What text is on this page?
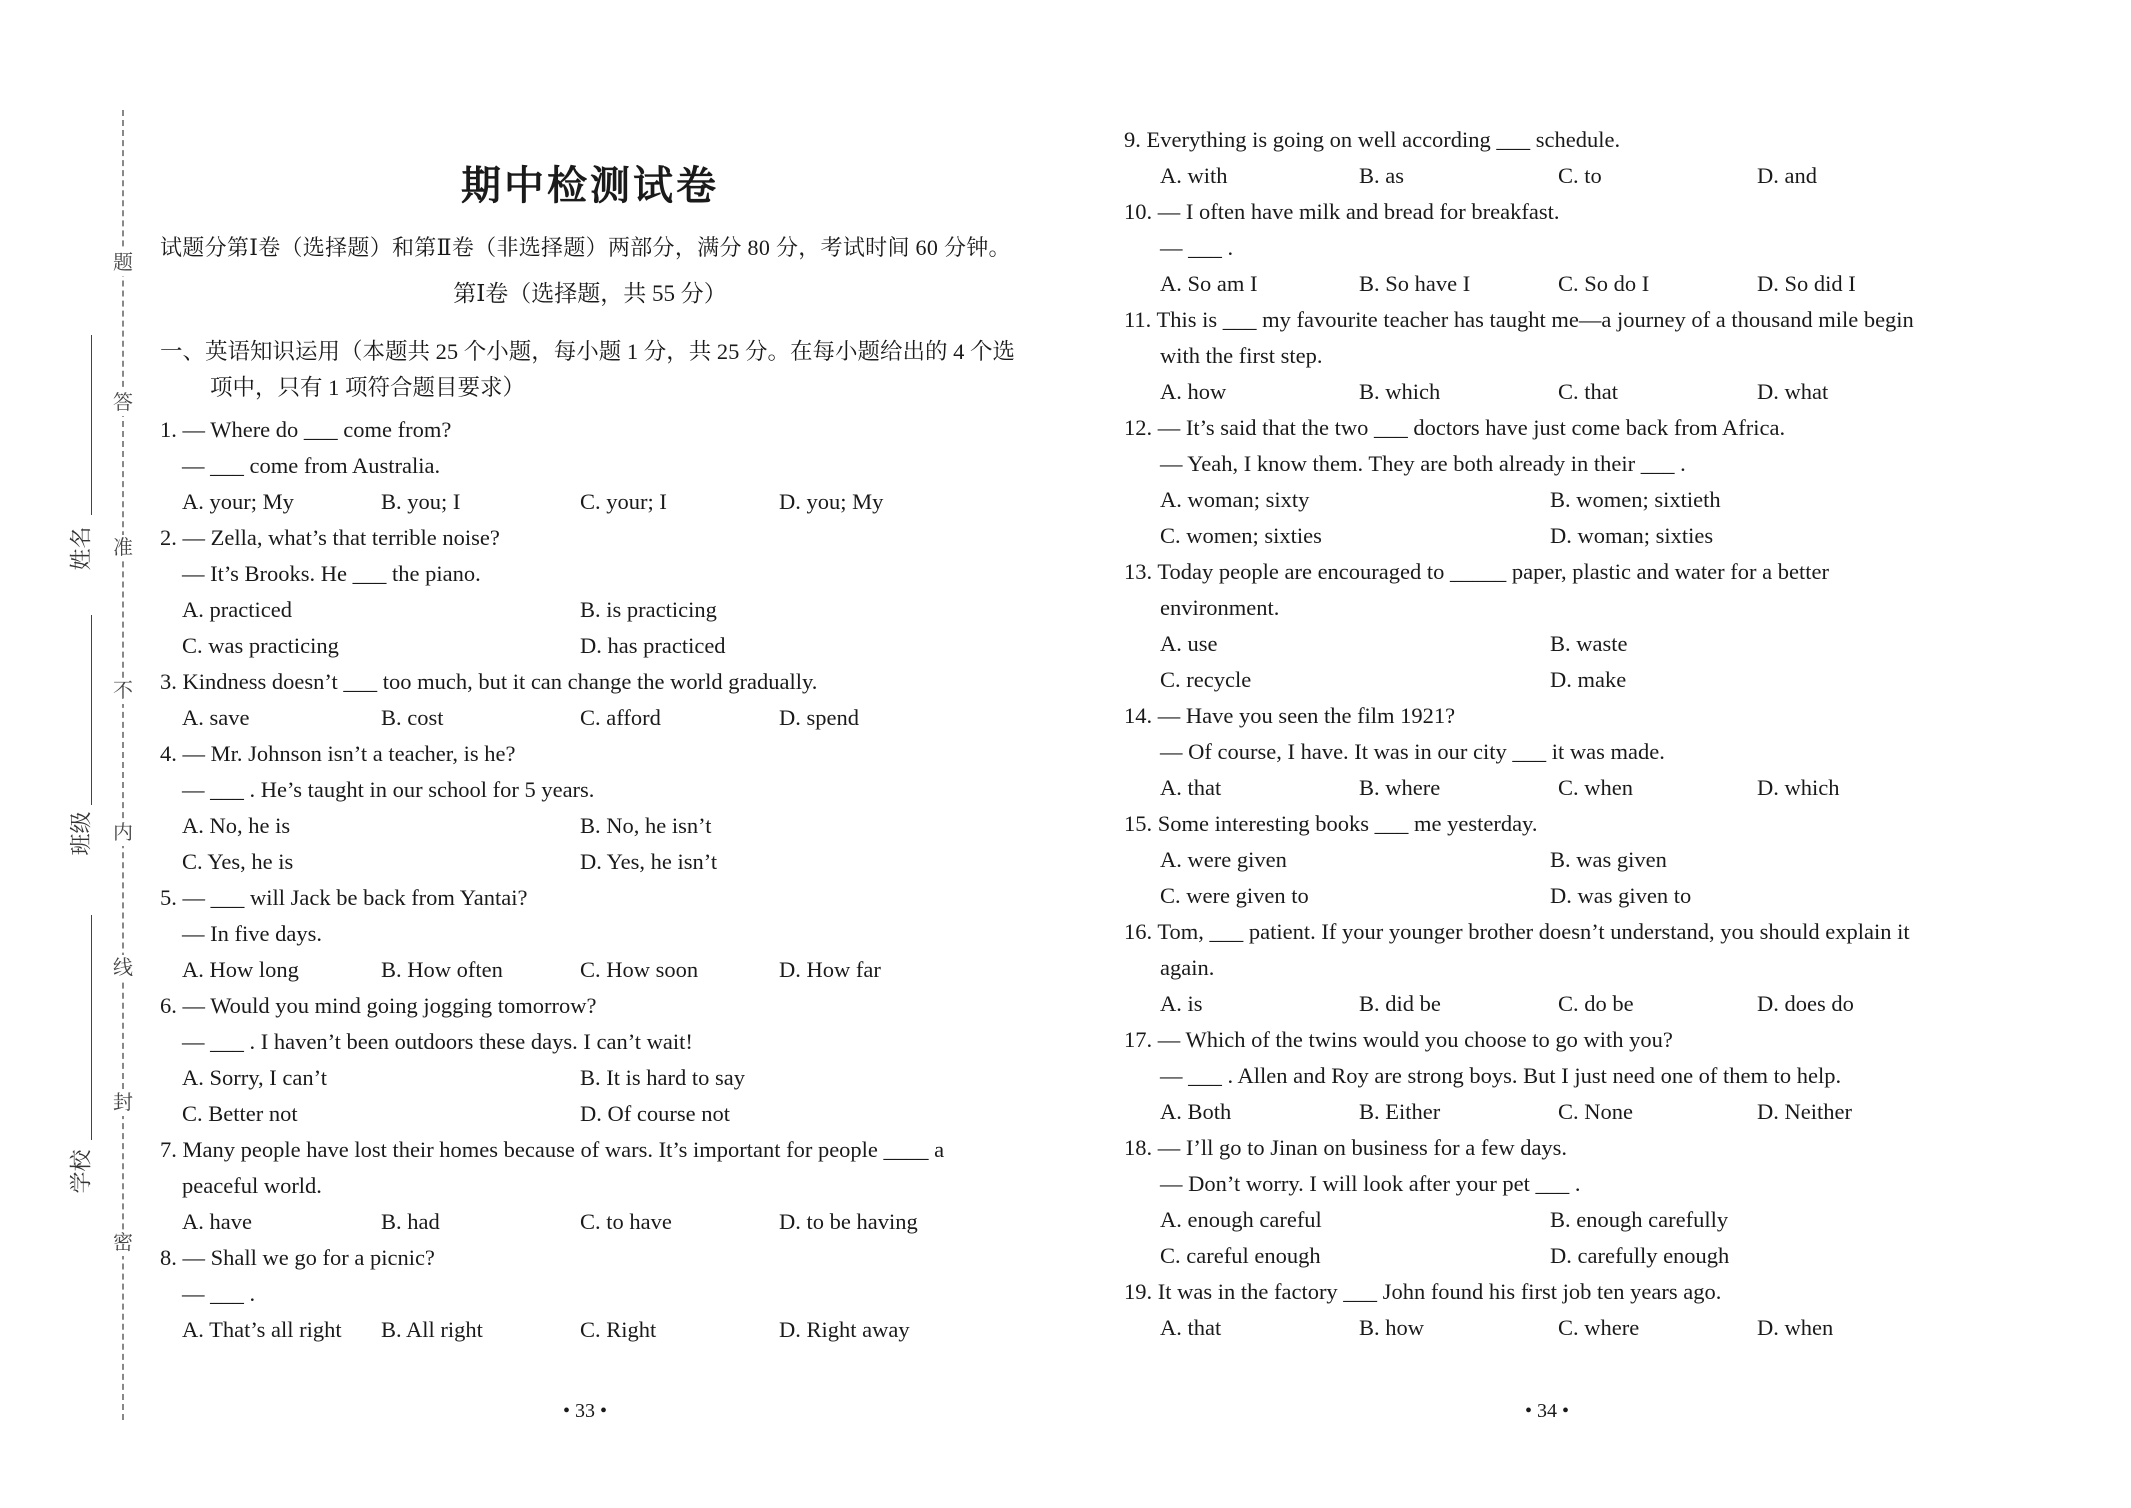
题
答
准
不
内
线
封
密
姓名
班级
学校
期中检测试卷
试题分第Ⅰ卷（选择题）和第Ⅱ卷（非选择题）两部分，满分 80 分，考试时间 60 分钟。
第Ⅰ卷（选择题，共 55 分）
一、英语知识运用（本题共 25 个小题，每小题 1 分，共 25 分。在每小题给出的 4 个选项中，只有 1 项符合题目要求）
1. — Where do ___ come from?
— ___ come from Australia.
A. your; My	B. you; I	C. your; I	D. you; My
2. — Zella, what’s that terrible noise?
— It’s Brooks. He ___ the piano.
A. practiced	B. is practicing
C. was practicing	D. has practiced
3. Kindness doesn’t ___ too much, but it can change the world gradually.
A. save	B. cost	C. afford	D. spend
4. — Mr. Johnson isn’t a teacher, is he?
— ___ . He’s taught in our school for 5 years.
A. No, he is	B. No, he isn’t
C. Yes, he is	D. Yes, he isn’t
5. — ___ will Jack be back from Yantai?
— In five days.
A. How long	B. How often	C. How soon	D. How far
6. — Would you mind going jogging tomorrow?
— ___ . I haven’t been outdoors these days. I can’t wait!
A. Sorry, I can’t	B. It is hard to say
C. Better not	D. Of course not
7. Many people have lost their homes because of wars. It’s important for people ____ a
peaceful world.
A. have	B. had	C. to have	D. to be having
8. — Shall we go for a picnic?
— ___ .
A. That’s all right	B. All right	C. Right	D. Right away
• 33 •
9. Everything is going on well according ___ schedule.
A. with	B. as	C. to	D. and
10. — I often have milk and bread for breakfast.
— ___ .
A. So am I	B. So have I	C. So do I	D. So did I
11. This is ___ my favourite teacher has taught me—a journey of a thousand mile begin
with the first step.
A. how	B. which	C. that	D. what
12. — It’s said that the two ___ doctors have just come back from Africa.
— Yeah, I know them. They are both already in their ___ .
A. woman; sixty	B. women; sixtieth
C. women; sixties	D. woman; sixties
13. Today people are encouraged to _____ paper, plastic and water for a better
environment.
A. use	B. waste
C. recycle	D. make
14. — Have you seen the film 1921?
— Of course, I have. It was in our city ___ it was made.
A. that	B. where	C. when	D. which
15. Some interesting books ___ me yesterday.
A. were given	B. was given
C. were given to	D. was given to
16. Tom, ___ patient. If your younger brother doesn’t understand, you should explain it
again.
A. is	B. did be	C. do be	D. does do
17. — Which of the twins would you choose to go with you?
— ___ . Allen and Roy are strong boys. But I just need one of them to help.
A. Both	B. Either	C. None	D. Neither
18. — I’ll go to Jinan on business for a few days.
— Don’t worry. I will look after your pet ___ .
A. enough careful	B. enough carefully
C. careful enough	D. carefully enough
19. It was in the factory ___ John found his first job ten years ago.
A. that	B. how	C. where	D. when
• 34 •
